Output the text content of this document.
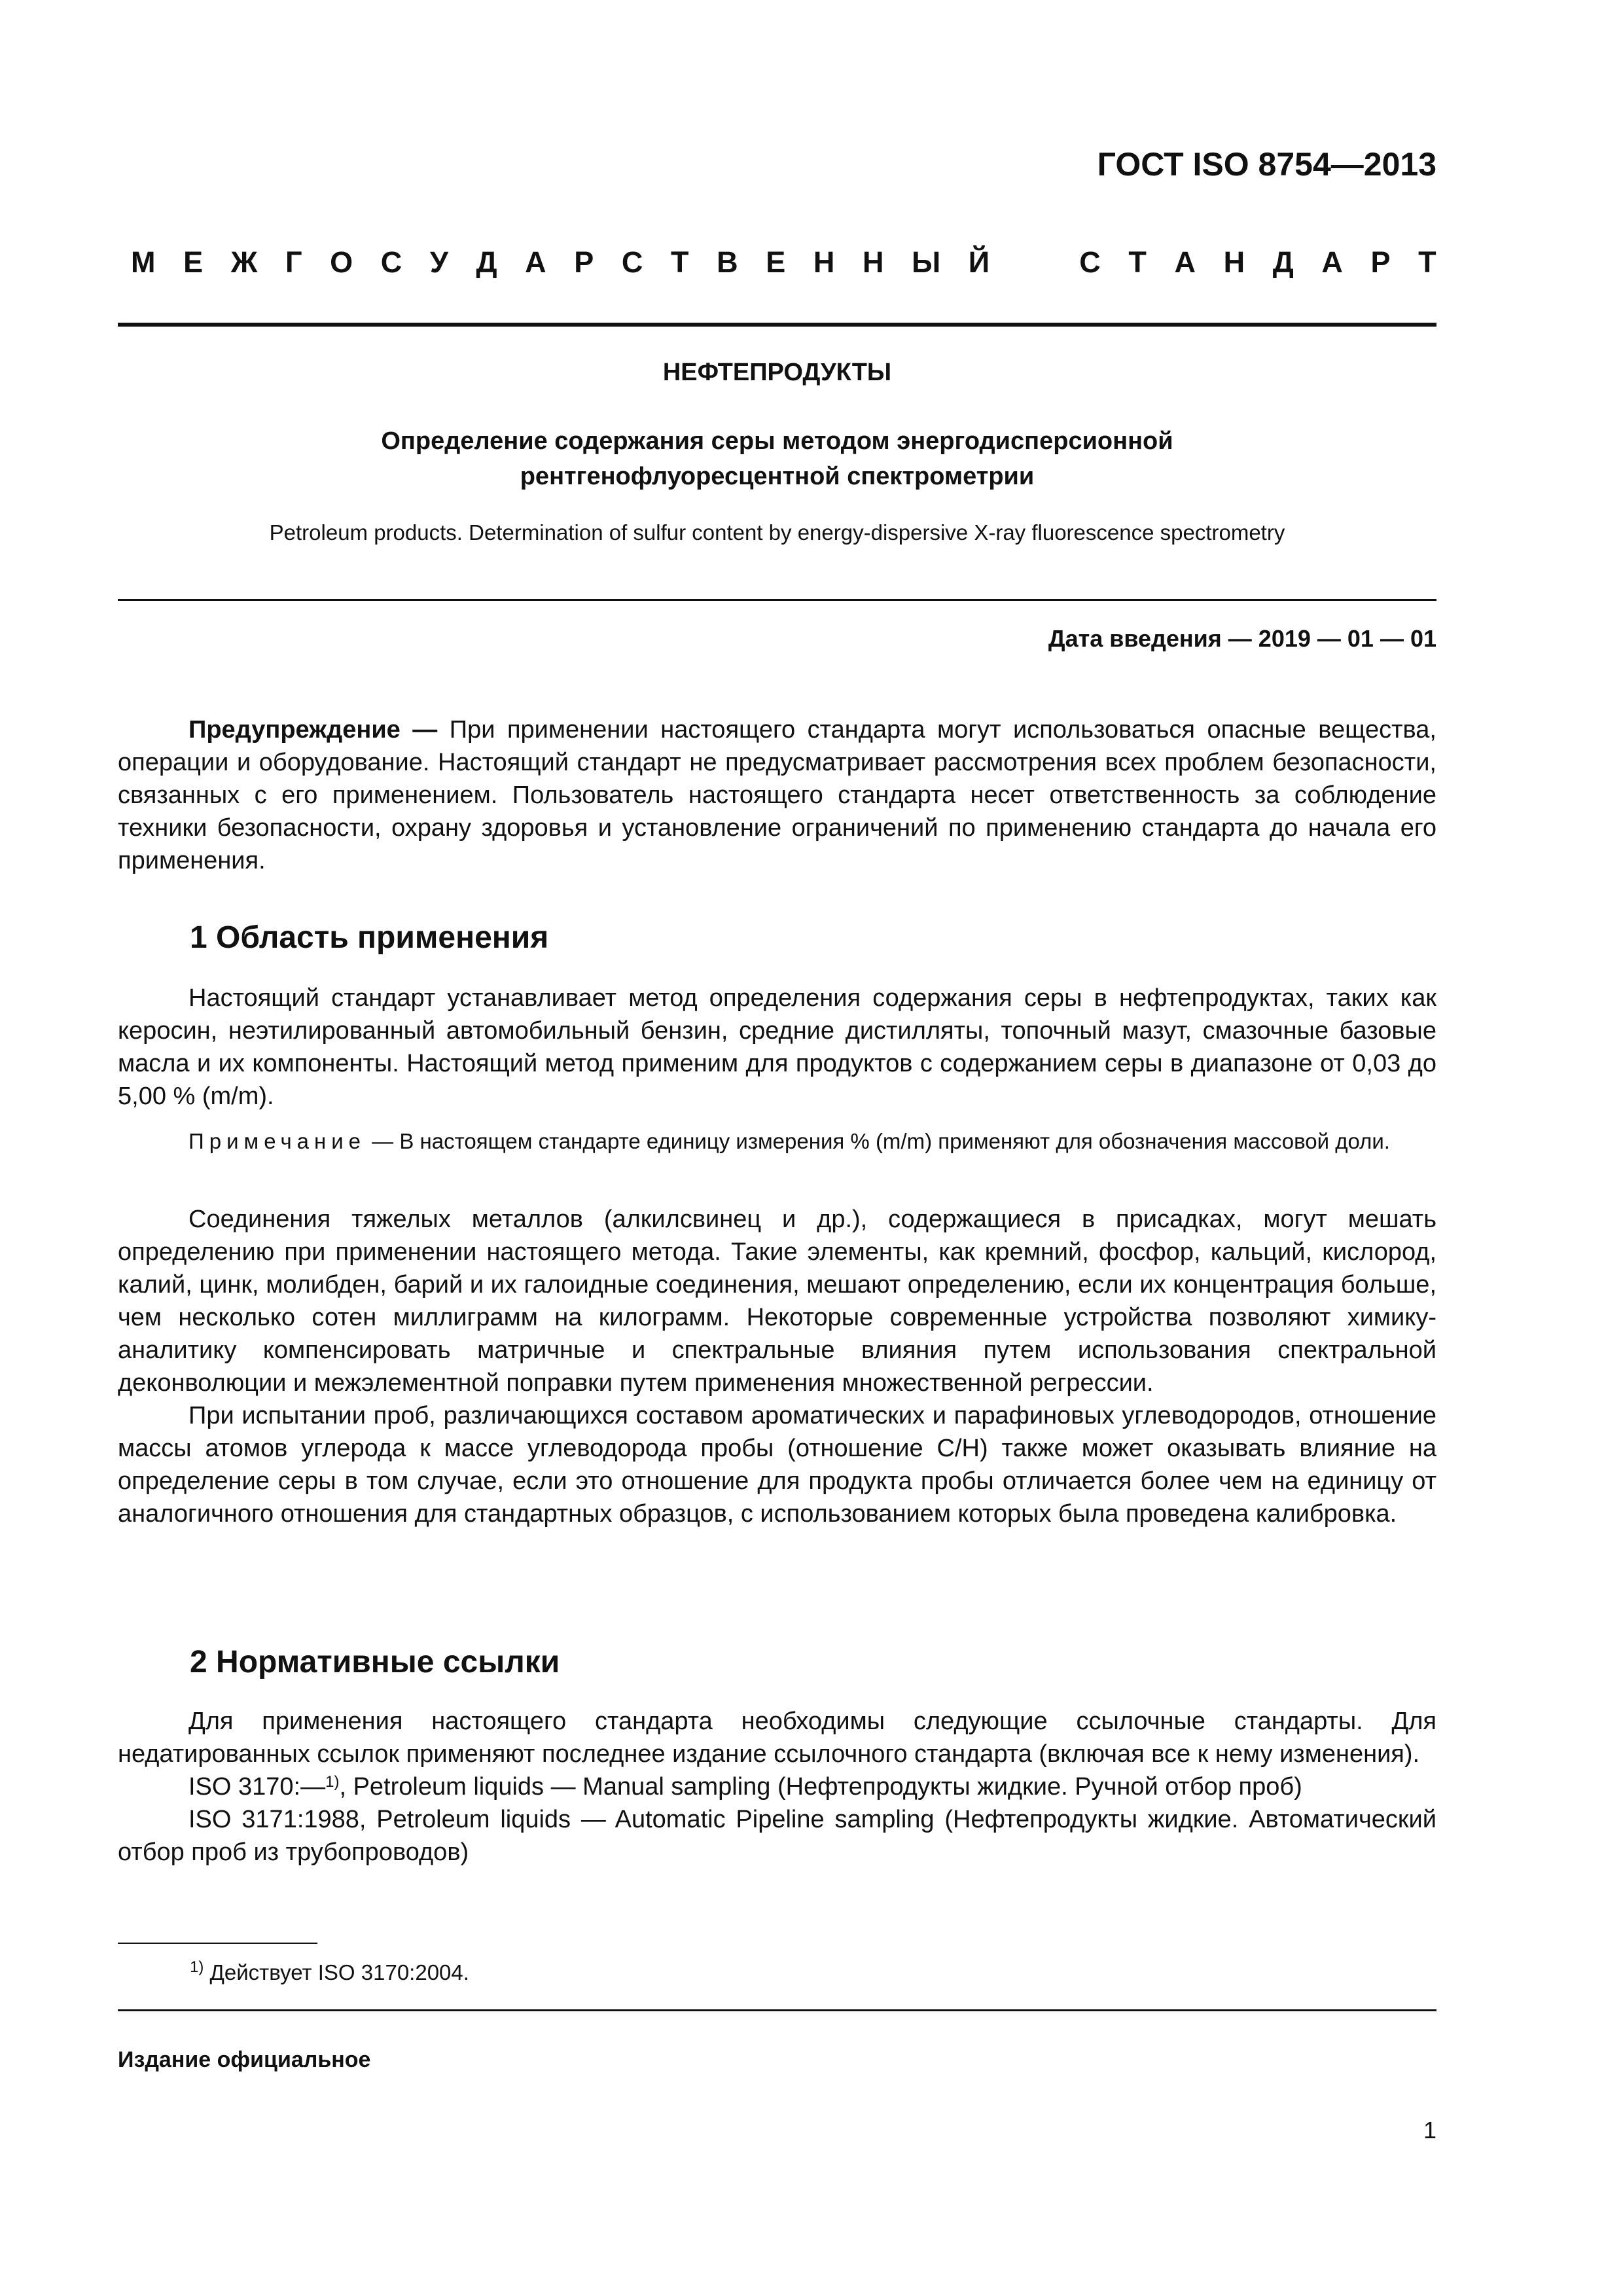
ГОСТ ISO 8754—2013
М Е Ж Г О С У Д А Р С Т В Е Н Н Ы Й	С Т А Н Д А Р Т
НЕФТЕПРОДУКТЫ
Определение содержания серы методом энергодисперсионной
рентгенофлуоресцентной спектрометрии
Petroleum products. Determination of sulfur content by energy-dispersive X-ray fluorescence spectrometry
Дата введения — 2019 — 01 — 01

Предупреждение — При применении настоящего стандарта могут использоваться опасные вещества, операции и оборудование. Настоящий стандарт не предусматривает рассмотрения всех проблем безопасности, связанных с его применением. Пользователь настоящего стандарта несет ответственность за соблюдение техники безопасности, охрану здоровья и установление ограничений по применению стандарта до начала его применения.

1 Область применения

Настоящий стандарт устанавливает метод определения содержания серы в нефтепродуктах, таких как керосин, неэтилированный автомобильный бензин, средние дистилляты, топочный мазут, смазочные базовые масла и их компоненты. Настоящий метод применим для продуктов с содержанием серы в диапазоне от 0,03 до 5,00 % (m/m).

Примечание — В настоящем стандарте единицу измерения % (m/m) применяют для обозначения массовой доли.

Соединения тяжелых металлов (алкилсвинец и др.), содержащиеся в присадках, могут мешать определению при применении настоящего метода. Такие элементы, как кремний, фосфор, кальций, кислород, калий, цинк, молибден, барий и их галоидные соединения, мешают определению, если их концентрация больше, чем несколько сотен миллиграмм на килограмм. Некоторые современные устройства позволяют химику-аналитику компенсировать матричные и спектральные влияния путем использования спектральной деконволюции и межэлементной поправки путем применения множественной регрессии.

При испытании проб, различающихся составом ароматических и парафиновых углеводородов, отношение массы атомов углерода к массе углеводорода пробы (отношение C/H) также может оказывать влияние на определение серы в том случае, если это отношение для продукта пробы отличается более чем на единицу от аналогичного отношения для стандартных образцов, с использованием которых была проведена калибровка.

2 Нормативные ссылки

Для применения настоящего стандарта необходимы следующие ссылочные стандарты. Для недатированных ссылок применяют последнее издание ссылочного стандарта (включая все к нему изменения).

ISO 3170:—$^{1)}$, Petroleum liquids — Manual sampling (Нефтепродукты жидкие. Ручной отбор проб)

ISO 3171:1988, Petroleum liquids — Automatic Pipeline sampling (Нефтепродукты жидкие. Автоматический отбор проб из трубопроводов)

$^{1)}$ Действует ISO 3170:2004.
Издание официальное
1
